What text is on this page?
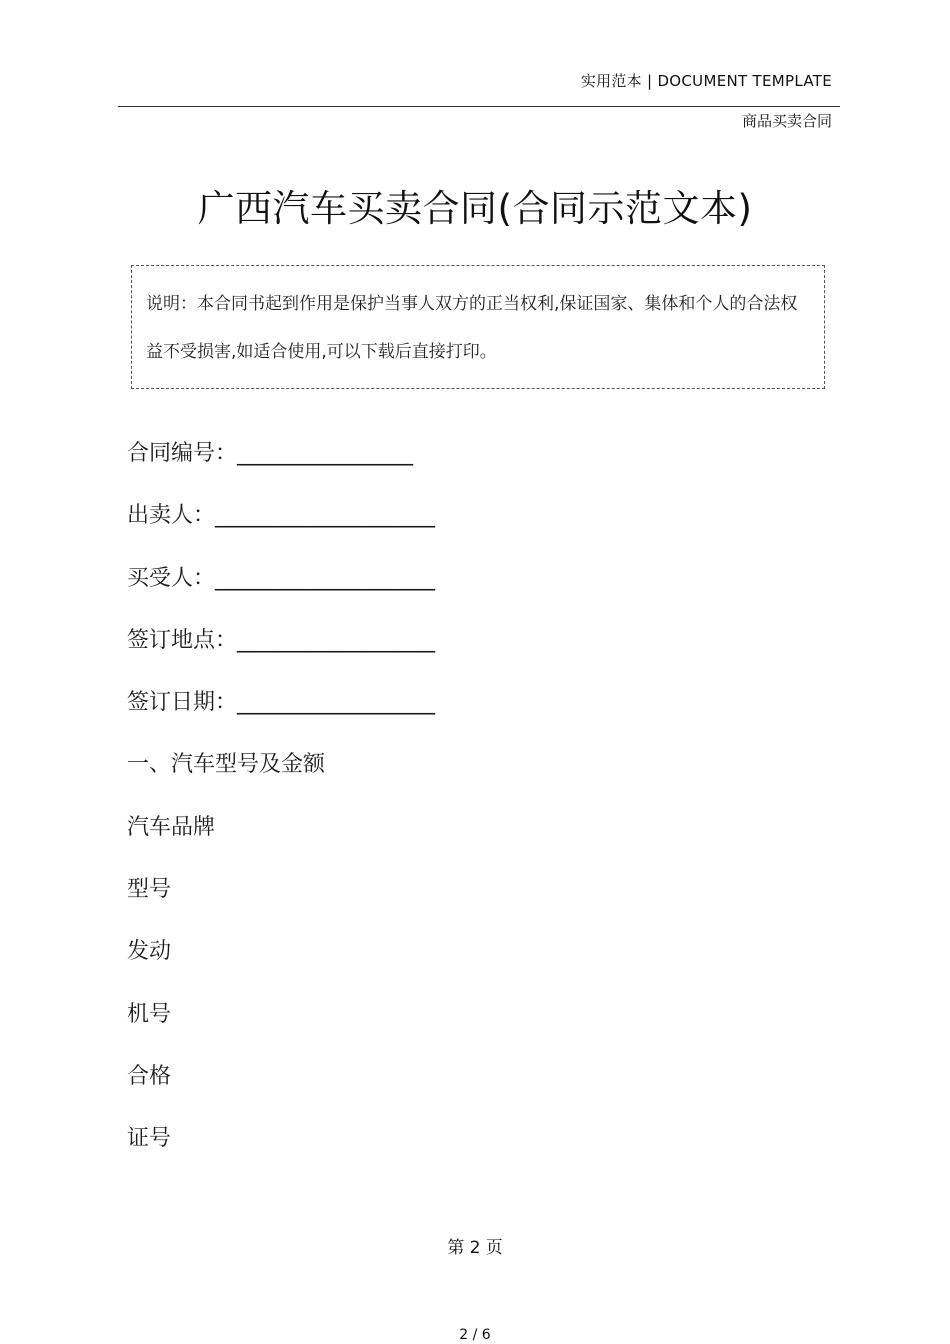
实用范本 | DOCUMENT TEMPLATE
商品买卖合同
广西汽车买卖合同(合同示范文本)
说明：本合同书起到作用是保护当事人双方的正当权利,保证国家、集体和个人的合法权益不受损害,如适合使用,可以下载后直接打印。
合同编号：________________
出卖人：____________________
买受人：____________________
签订地点：__________________
签订日期：__________________
一、汽车型号及金额
汽车品牌
型号
发动
机号
合格
证号
第 2 页
2 / 6
